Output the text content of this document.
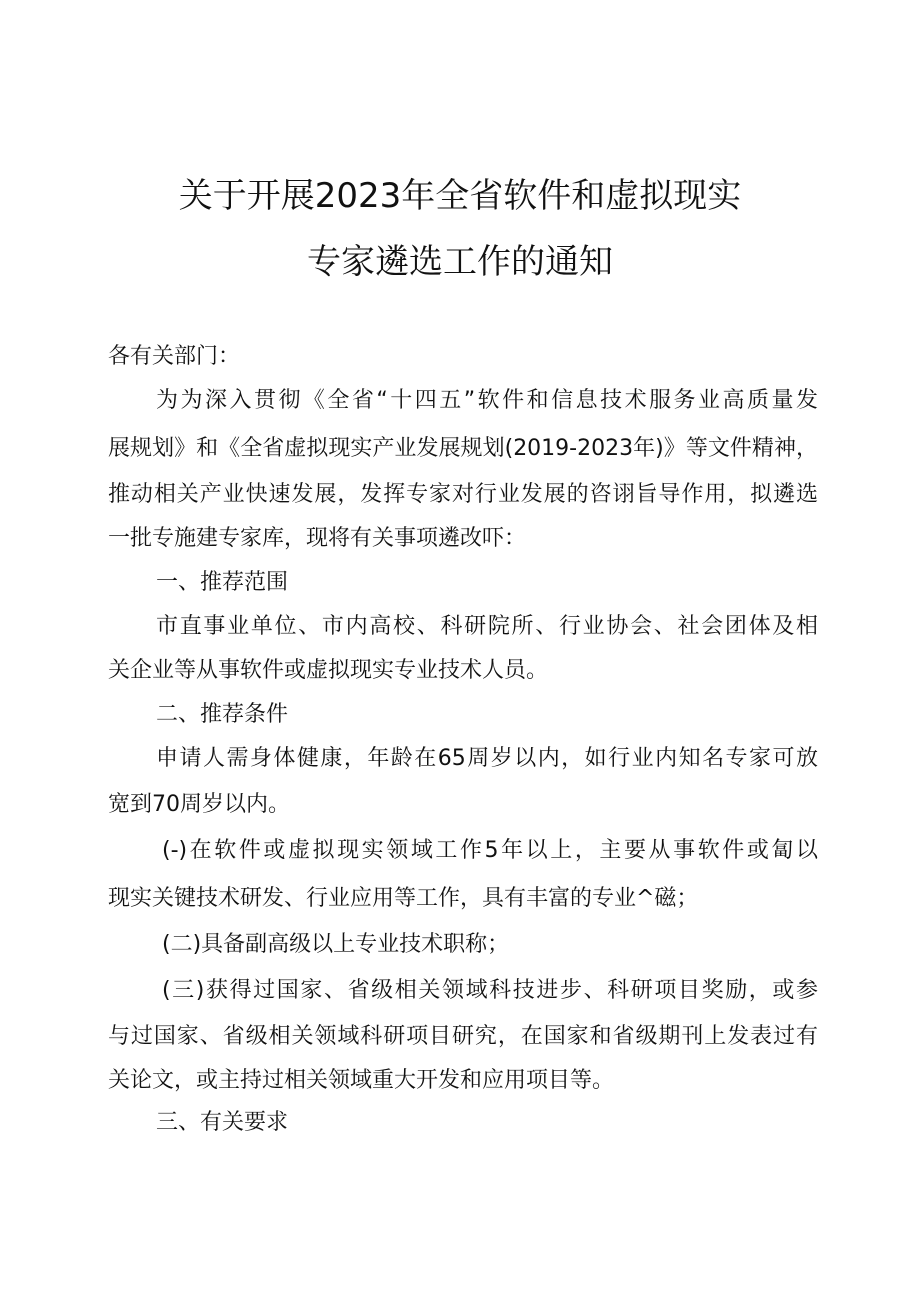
关于开展2023年全省软件和虚拟现实
专家遴选工作的通知
各有关部门：
为为深入贯彻《全省“十四五”软件和信息技术服务业高质量发
展规划》和《全省虚拟现实产业发展规划(2019-2023年)》等文件精神，
推动相关产业快速发展，发挥专家对行业发展的咨诩旨导作用，拟遴选
一批专施建专家库，现将有关事项遴改吓：
一、推荐范围
市直事业单位、市内高校、科研院所、行业协会、社会团体及相
关企业等从事软件或虚拟现实专业技术人员。
二、推荐条件
申请人需身体健康，年龄在65周岁以内，如行业内知名专家可放
宽到70周岁以内。
(-)在软件或虚拟现实领域工作5年以上，主要从事软件或匐以
现实关键技术研发、行业应用等工作，具有丰富的专业^磁；
(二)具备副高级以上专业技术职称；
(三)获得过国家、省级相关领域科技进步、科研项目奖励，或参
与过国家、省级相关领域科研项目研究，在国家和省级期刊上发表过有
关论文，或主持过相关领域重大开发和应用项目等。
三、有关要求
